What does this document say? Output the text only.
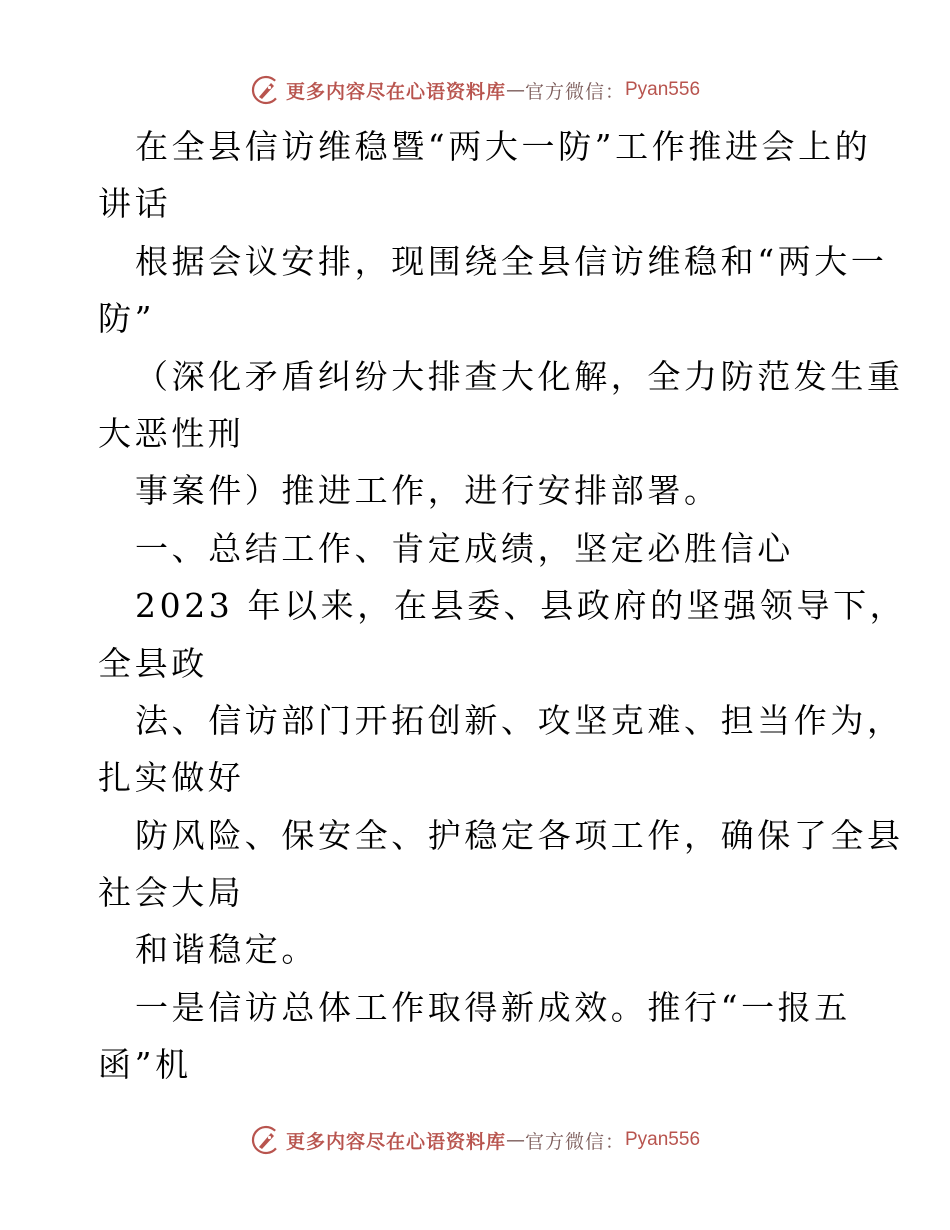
更多内容尽在心语资料库 — 官方微信： Pyan556
在全县信访维稳暨“两大一防”工作推进会上的
讲话
根据会议安排，现围绕全县信访维稳和“两大一
防”
（深化矛盾纠纷大排查大化解，全力防范发生重
大恶性刑
事案件）推进工作，进行安排部署。
一、总结工作、肯定成绩，坚定必胜信心
2023 年以来，在县委、县政府的坚强领导下，
全县政
法、信访部门开拓创新、攻坚克难、担当作为，
扎实做好
防风险、保安全、护稳定各项工作，确保了全县
社会大局
和谐稳定。
一是信访总体工作取得新成效。推行“一报五
函”机
更多内容尽在心语资料库 — 官方微信： Pyan556
